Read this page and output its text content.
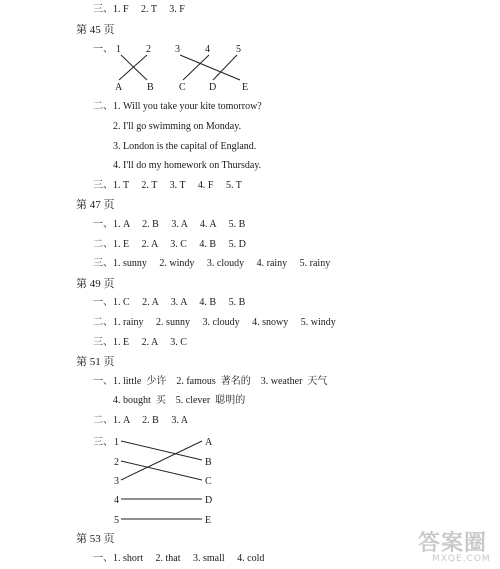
三、1. F     2. T     3. F
第 45 页
一、 1	2 3	4	5
A B	C D	E
三、 1
2
3
4
5
A
B
C
D
E
二、1. Will you take your kite tomorrow?
2. I'll go swimming on Monday.
3. London is the capital of England.
4. I'll do my homework on Thursday.
三、1. T     2. T     3. T     4. F     5. T
第 47 页
一、1. A     2. B     3. A     4. A     5. B
二、1. E     2. A     3. C     4. B     5. D
三、1. sunny     2. windy     3. cloudy     4. rainy     5. rainy
第 49 页
一、1. C     2. A     3. A     4. B     5. B
二、1. rainy     2. sunny     3. cloudy     4. snowy     5. windy
三、1. E     2. A     3. C
第 51 页
一、1. little  少许    2. famous  著名的    3. weather  天气
4. bought  买    5. clever  聪明的
二、1. A     2. B     3. A
第 53 页
一、1. short     2. that     3. small     4. cold
答案圈
MXQE.COM
